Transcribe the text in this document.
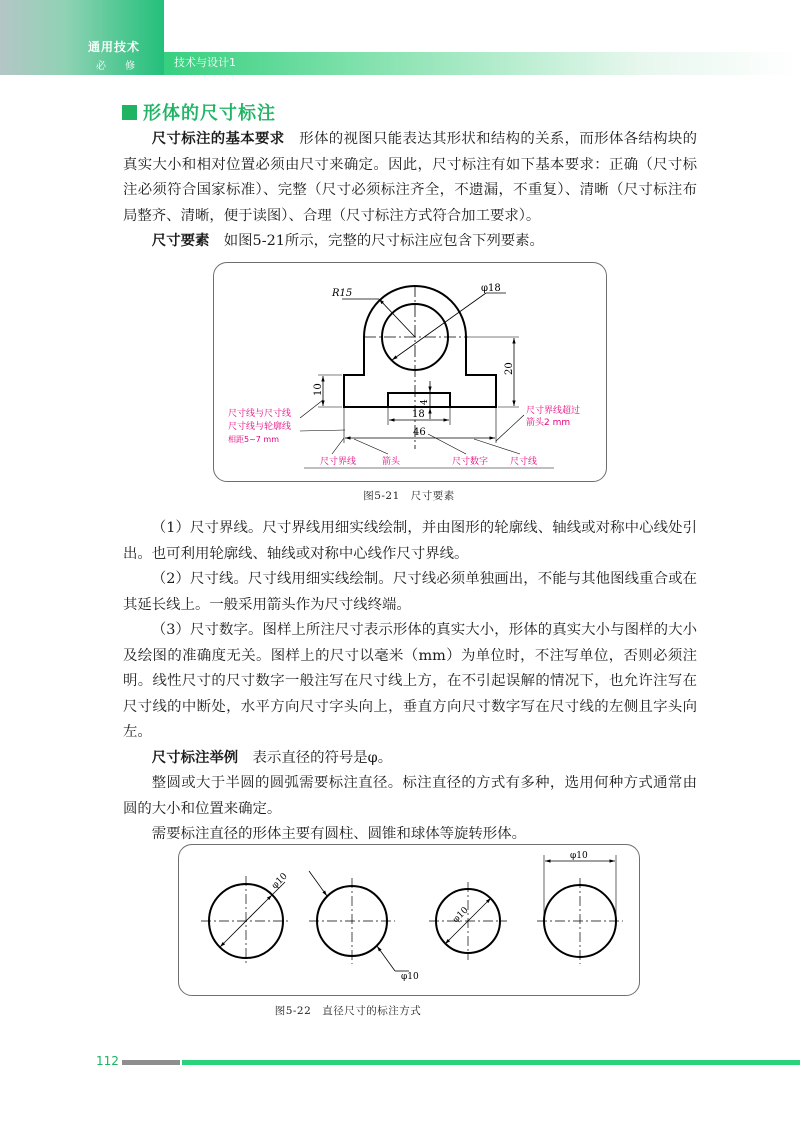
通用技术
必 修	技术与设计1
形体的尺寸标注

尺寸标注的基本要求  形体的视图只能表达其形状和结构的关系，而形体各结构块的真实大小和相对位置必须由尺寸来确定。因此，尺寸标注有如下基本要求：正确（尺寸标注必须符合国家标准）、完整（尺寸必须标注齐全，不遗漏，不重复）、清晰（尺寸标注布局整齐、清晰，便于读图）、合理（尺寸标注方式符合加工要求）。

尺寸要素  如图5-21所示，完整的尺寸标注应包含下列要素。

R15	φ18
20
10
4
18
46
尺寸线与尺寸线
尺寸线与轮廓线
相距5~7 mm
尺寸界线超过
箭头2 mm
尺寸界线	箭头	尺寸数字 尺寸线
图5-21　尺寸要素

（1）尺寸界线。尺寸界线用细实线绘制，并由图形的轮廓线、轴线或对称中心线处引出。也可利用轮廓线、轴线或对称中心线作尺寸界线。

（2）尺寸线。尺寸线用细实线绘制。尺寸线必须单独画出，不能与其他图线重合或在其延长线上。一般采用箭头作为尺寸线终端。

（3）尺寸数字。图样上所注尺寸表示形体的真实大小，形体的真实大小与图样的大小及绘图的准确度无关。图样上的尺寸以毫米（mm）为单位时，不注写单位，否则必须注明。线性尺寸的尺寸数字一般注写在尺寸线上方，在不引起误解的情况下，也允许注写在尺寸线的中断处，水平方向尺寸字头向上，垂直方向尺寸数字写在尺寸线的左侧且字头向左。

尺寸标注举例  表示直径的符号是φ。

整圆或大于半圆的圆弧需要标注直径。标注直径的方式有多种，选用何种方式通常由圆的大小和位置来确定。

需要标注直径的形体主要有圆柱、圆锥和球体等旋转形体。

φ10
φ10
φ10
φ10
图5-22　直径尺寸的标注方式
112
